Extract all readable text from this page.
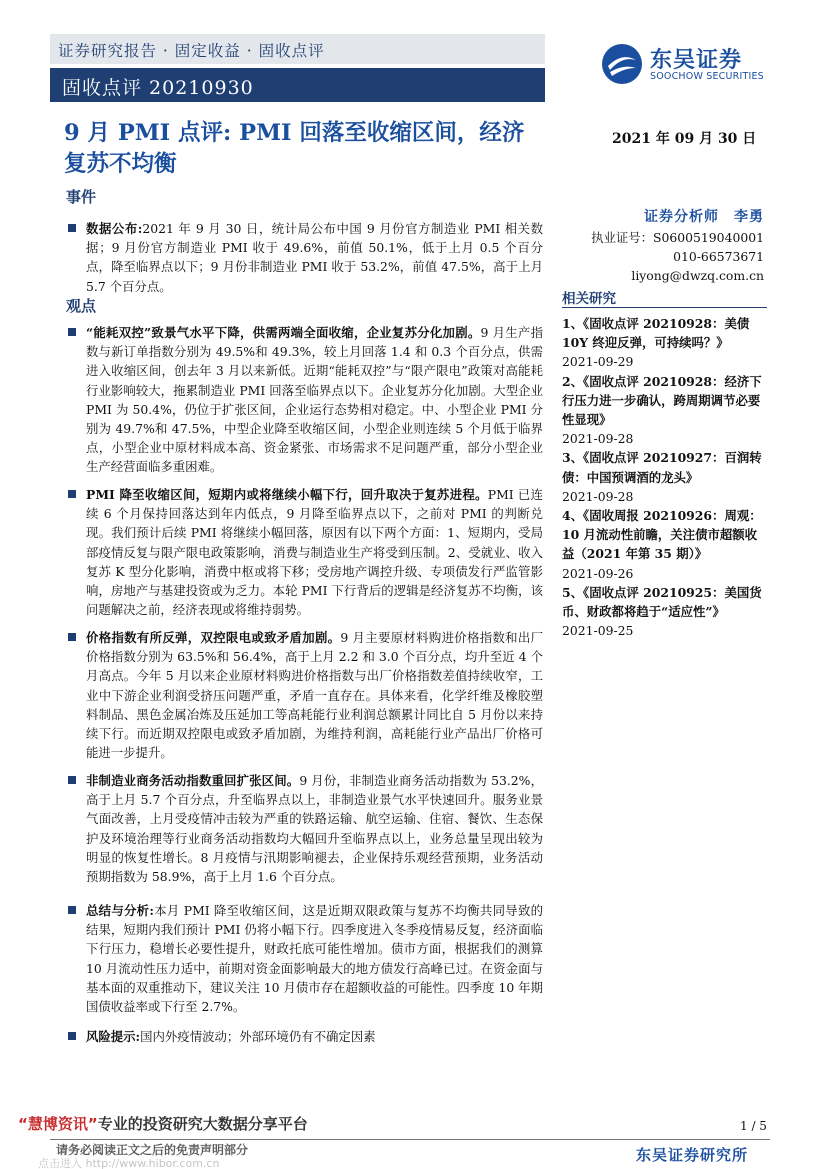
证券研究报告 · 固定收益 · 固收点评
固收点评 20210930
东吴证券
SOOCHOW SECURITIES
9 月 PMI 点评: PMI 回落至收缩区间，经济
复苏不均衡
2021 年 09 月 30 日
事件
数据公布:2021 年 9 月 30 日，统计局公布中国 9 月份官方制造业 PMI 相关数据；9 月份官方制造业 PMI 收于 49.6%，前值 50.1%，低于上月 0.5 个百分点，降至临界点以下；9 月份非制造业 PMI 收于 53.2%，前值 47.5%，高于上月 5.7 个百分点。
观点
“能耗双控”致景气水平下降，供需两端全面收缩，企业复苏分化加剧。9 月生产指数与新订单指数分别为 49.5%和 49.3%，较上月回落 1.4 和 0.3 个百分点，供需进入收缩区间，创去年 3 月以来新低。近期“能耗双控”与“限产限电”政策对高能耗行业影响较大，拖累制造业 PMI 回落至临界点以下。企业复苏分化加剧。大型企业 PMI 为 50.4%，仍位于扩张区间，企业运行态势相对稳定。中、小型企业 PMI 分别为 49.7%和 47.5%，中型企业降至收缩区间，小型企业则连续 5 个月低于临界点，小型企业中原材料成本高、资金紧张、市场需求不足问题严重，部分小型企业生产经营面临多重困难。
PMI 降至收缩区间，短期内或将继续小幅下行，回升取决于复苏进程。PMI 已连续 6 个月保持回落达到年内低点，9 月降至临界点以下，之前对 PMI 的判断兑现。我们预计后续 PMI 将继续小幅回落，原因有以下两个方面：1、短期内，受局部疫情反复与限产限电政策影响，消费与制造业生产将受到压制。2、受就业、收入复苏 K 型分化影响，消费中枢或将下移；受房地产调控升级、专项债发行严监管影响，房地产与基建投资或为乏力。本轮 PMI 下行背后的逻辑是经济复苏不均衡，该问题解决之前，经济表现或将维持弱势。
价格指数有所反弹，双控限电或致矛盾加剧。9 月主要原材料购进价格指数和出厂价格指数分别为 63.5%和 56.4%，高于上月 2.2 和 3.0 个百分点，均升至近 4 个月高点。今年 5 月以来企业原材料购进价格指数与出厂价格指数差值持续收窄，工业中下游企业利润受挤压问题严重，矛盾一直存在。具体来看，化学纤维及橡胶塑料制品、黑色金属冶炼及压延加工等高耗能行业利润总额累计同比自 5 月份以来持续下行。而近期双控限电或致矛盾加剧，为维持利润，高耗能行业产品出厂价格可能进一步提升。
非制造业商务活动指数重回扩张区间。9 月份，非制造业商务活动指数为 53.2%，高于上月 5.7 个百分点，升至临界点以上，非制造业景气水平快速回升。服务业景气面改善，上月受疫情冲击较为严重的铁路运输、航空运输、住宿、餐饮、生态保护及环境治理等行业商务活动指数均大幅回升至临界点以上，业务总量呈现出较为明显的恢复性增长。8 月疫情与汛期影响褪去，企业保持乐观经营预期，业务活动预期指数为 58.9%，高于上月 1.6 个百分点。
总结与分析:本月 PMI 降至收缩区间，这是近期双限政策与复苏不均衡共同导致的结果，短期内我们预计 PMI 仍将小幅下行。四季度进入冬季疫情易反复，经济面临下行压力，稳增长必要性提升，财政托底可能性增加。债市方面，根据我们的测算 10 月流动性压力适中，前期对资金面影响最大的地方债发行高峰已过。在资金面与基本面的双重推动下，建议关注 10 月债市存在超额收益的可能性。四季度 10 年期国债收益率或下行至 2.7%。
风险提示:国内外疫情波动；外部环境仍有不确定因素
证券分析师　李勇
执业证号：S0600519040001
010-66573671
liyong@dwzq.com.cn
相关研究
1、《固收点评 20210928：美债 10Y 终迎反弹，可持续吗？》
2021-09-29
2、《固收点评 20210928：经济下行压力进一步确认，跨周期调节必要性显现》
2021-09-28
3、《固收点评 20210927：百润转债：中国预调酒的龙头》
2021-09-28
4、《固收周报 20210926：周观：10 月流动性前瞻，关注债市超额收益（2021 年第 35 期）》
2021-09-26
5、《固收点评 20210925：美国货币、财政都将趋于“适应性”》
2021-09-25
1 / 5
东吴证券研究所
“慧博资讯”专业的投资研究大数据分享平台
请务必阅读正文之后的免责声明部分
点击进入 http://www.hibor.com.cn
